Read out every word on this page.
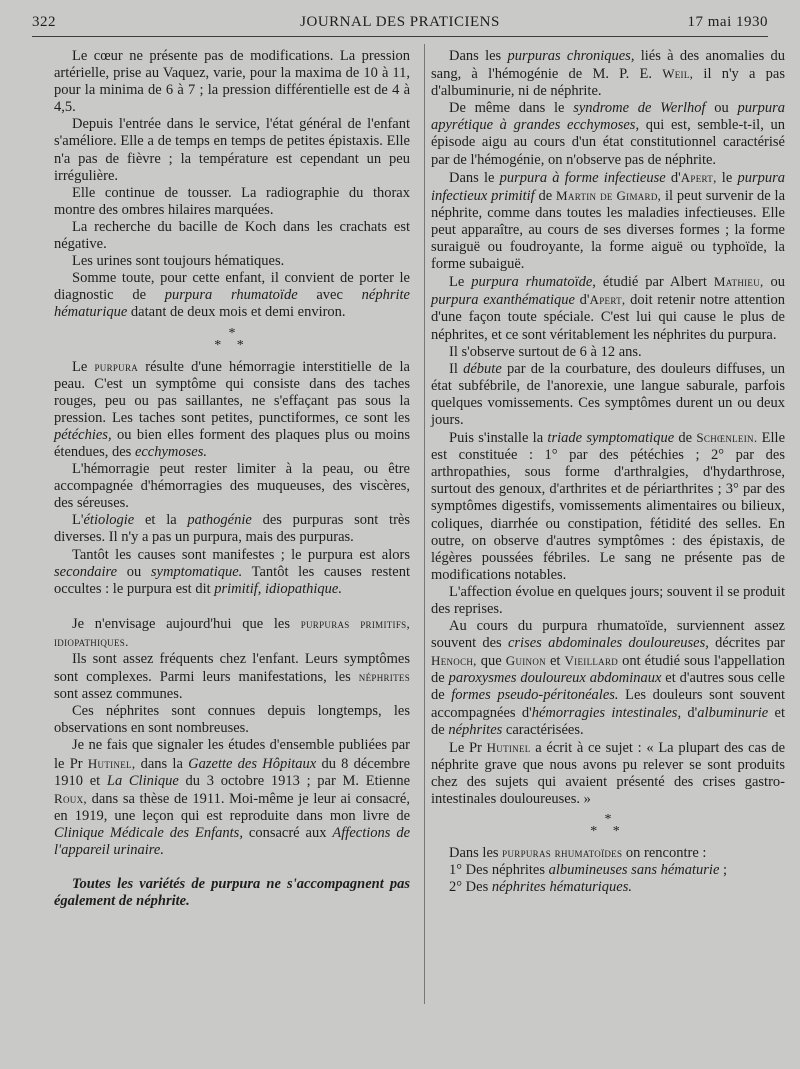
322	JOURNAL DES PRATICIENS	17 mai 1930

Le cœur ne présente pas de modifications. La pression artérielle, prise au Vaquez, varie, pour la maxima de 10 à 11, pour la minima de 6 à 7 ; la pression différentielle est de 4 à 4,5.

Depuis l'entrée dans le service, l'état général de l'enfant s'améliore. Elle a de temps en temps de petites épistaxis. Elle n'a pas de fièvre ; la température est cependant un peu irrégulière.

Elle continue de tousser. La radiographie du thorax montre des ombres hilaires marquées.

La recherche du bacille de Koch dans les crachats est négative.

Les urines sont toujours hématiques.

Somme toute, pour cette enfant, il convient de porter le diagnostic de purpura rhumatoïde avec néphrite hématurique datant de deux mois et demi environ.

*
* *

Le purpura résulte d'une hémorragie interstitielle de la peau. C'est un symptôme qui consiste dans des taches rouges, peu ou pas saillantes, ne s'effaçant pas sous la pression. Les taches sont petites, punctiformes, ce sont les pétéchies, ou bien elles forment des plaques plus ou moins étendues, des ecchymoses.

L'hémorragie peut rester limiter à la peau, ou être accompagnée d'hémorragies des muqueuses, des viscères, des séreuses.

L'étiologie et la pathogénie des purpuras sont très diverses. Il n'y a pas un purpura, mais des purpuras.

Tantôt les causes sont manifestes ; le purpura est alors secondaire ou symptomatique. Tantôt les causes restent occultes : le purpura est dit primitif, idiopathique.

Je n'envisage aujourd'hui que les purpuras primitifs, idiopathiques.

Ils sont assez fréquents chez l'enfant. Leurs symptômes sont complexes. Parmi leurs manifestations, les néphrites sont assez communes.

Ces néphrites sont connues depuis longtemps, les observations en sont nombreuses.

Je ne fais que signaler les études d'ensemble publiées par le Pr Hutinel, dans la Gazette des Hôpitaux du 8 décembre 1910 et La Clinique du 3 octobre 1913 ; par M. Etienne Roux, dans sa thèse de 1911. Moi-même je leur ai consacré, en 1919, une leçon qui est reproduite dans mon livre de Clinique Médicale des Enfants, consacré aux Affections de l'appareil urinaire.

Toutes les variétés de purpura ne s'accompagnent pas également de néphrite.

Dans les purpuras chroniques, liés à des anomalies du sang, à l'hémogénie de M. P. E. Weil, il n'y a pas d'albuminurie, ni de néphrite.

De même dans le syndrome de Werlhof ou purpura apyrétique à grandes ecchymoses, qui est, semble-t-il, un épisode aigu au cours d'un état constitutionnel caractérisé par de l'hémogénie, on n'observe pas de néphrite.

Dans le purpura à forme infectieuse d'Apert, le purpura infectieux primitif de Martin de Gimard, il peut survenir de la néphrite, comme dans toutes les maladies infectieuses. Elle peut apparaître, au cours de ses diverses formes ; la forme suraiguë ou foudroyante, la forme aiguë ou typhoïde, la forme subaiguë.

Le purpura rhumatoïde, étudié par Albert Mathieu, ou purpura exanthématique d'Apert, doit retenir notre attention d'une façon toute spéciale. C'est lui qui cause le plus de néphrites, et ce sont véritablement les néphrites du purpura.

Il s'observe surtout de 6 à 12 ans.

Il débute par de la courbature, des douleurs diffuses, un état subfébrile, de l'anorexie, une langue saburale, parfois quelques vomissements. Ces symptômes durent un ou deux jours.

Puis s'installe la triade symptomatique de Schœnlein. Elle est constituée : 1° par des pétéchies ; 2° par des arthropathies, sous forme d'arthralgies, d'hydarthrose, surtout des genoux, d'arthrites et de périarthrites ; 3° par des symptômes digestifs, vomissements alimentaires ou bilieux, coliques, diarrhée ou constipation, fétidité des selles. En outre, on observe d'autres symptômes : des épistaxis, de légères poussées fébriles. Le sang ne présente pas de modifications notables.

L'affection évolue en quelques jours; souvent il se produit des reprises.

Au cours du purpura rhumatoïde, surviennent assez souvent des crises abdominales douloureuses, décrites par Henoch, que Guinon et Vieillard ont étudié sous l'appellation de paroxysmes douloureux abdominaux et d'autres sous celle de formes pseudo-péritonéales. Les douleurs sont souvent accompagnées d'hémorragies intestinales, d'albuminurie et de néphrites caractérisées.

Le Pr Hutinel a écrit à ce sujet : « La plupart des cas de néphrite grave que nous avons pu relever se sont produits chez des sujets qui avaient présenté des crises gastro-intestinales douloureuses. »

*
* *

Dans les purpuras rhumatoïdes on rencontre :

1° Des néphrites albumineuses sans hématurie ;

2° Des néphrites hématuriques.
